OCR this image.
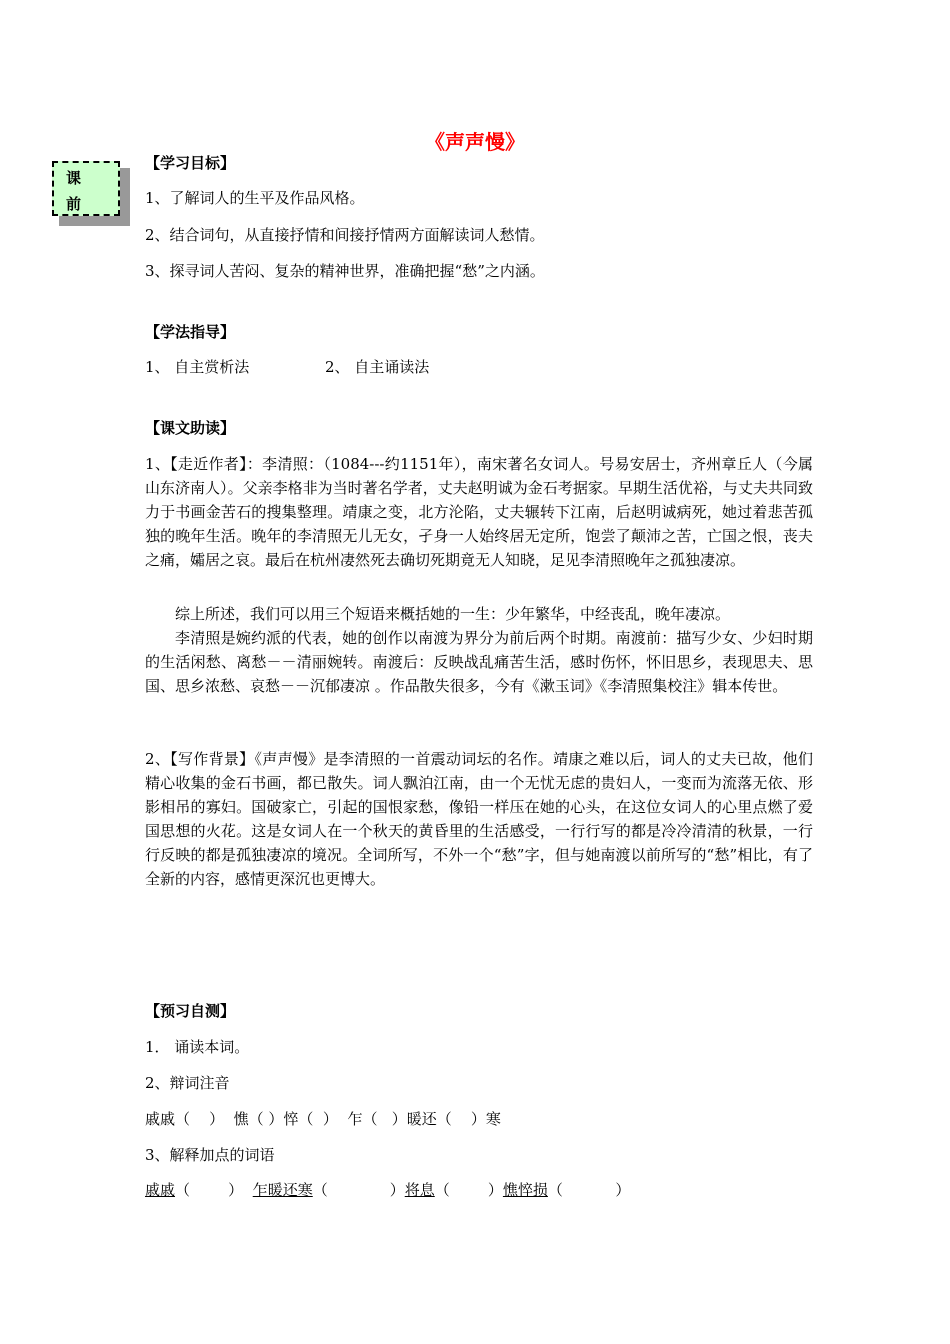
《声声慢》
课
前
【学习目标】
1、了解词人的生平及作品风格。
2、结合词句，从直接抒情和间接抒情两方面解读词人愁情。
3、探寻词人苦闷、复杂的精神世界，准确把握“愁”之内涵。
【学法指导】
1、 自主赏析法	2、 自主诵读法
【课文助读】
1、【走近作者】：李清照：（1084---约1151年），南宋著名女词人。号易安居士，齐州章丘人（今属山东济南人）。父亲李格非为当时著名学者，丈夫赵明诚为金石考据家。早期生活优裕，与丈夫共同致力于书画金苦石的搜集整理。靖康之变，北方沦陷，丈夫辗转下江南，后赵明诚病死，她过着悲苦孤独的晚年生活。晚年的李清照无儿无女，孑身一人始终居无定所，饱尝了颠沛之苦，亡国之恨，丧夫之痛，孀居之哀。最后在杭州凄然死去确切死期竟无人知晓，足见李清照晚年之孤独凄凉。
综上所述，我们可以用三个短语来概括她的一生：少年繁华，中经丧乱，晚年凄凉。
李清照是婉约派的代表，她的创作以南渡为界分为前后两个时期。南渡前：描写少女、少妇时期的生活闲愁、离愁－－清丽婉转。南渡后：反映战乱痛苦生活，感时伤怀，怀旧思乡，表现思夫、思国、思乡浓愁、哀愁－－沉郁凄凉 。作品散失很多，今有《漱玉词》《李清照集校注》辑本传世。
2、【写作背景】《声声慢》是李清照的一首震动词坛的名作。靖康之难以后，词人的丈夫已故，他们精心收集的金石书画，都已散失。词人飘泊江南，由一个无忧无虑的贵妇人，一变而为流落无依、形影相吊的寡妇。国破家亡，引起的国恨家愁，像铅一样压在她的心头，在这位女词人的心里点燃了爱国思想的火花。这是女词人在一个秋天的黄昏里的生活感受，一行行写的都是冷冷清清的秋景，一行行反映的都是孤独凄凉的境况。全词所写，不外一个“愁”字，但与她南渡以前所写的“愁”相比，有了全新的内容，感情更深沉也更博大。
【预习自测】
1． 诵读本词。
2、辩词注音
戚戚（    ）  憔（ ）悴（  ）  乍（   ）暖还（    ）寒
3、解释加点的词语
戚戚（        ） 乍暖还寒（             ）将息（        ）憔悴损（           ）
